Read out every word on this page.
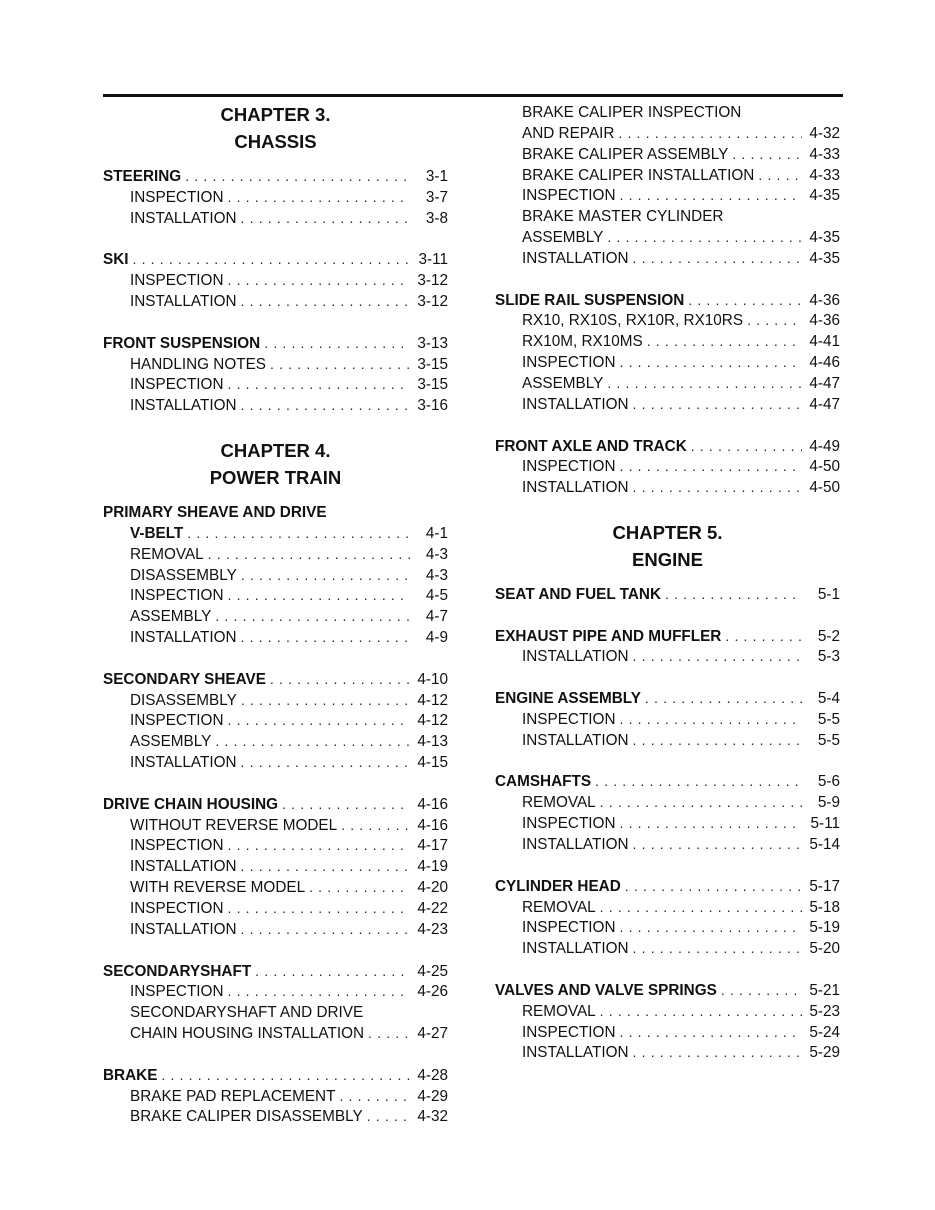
CHAPTER 3.
CHASSIS
STEERING . . .	3-1
INSPECTION . . .	3-7
INSTALLATION . . .	3-8
SKI . . .	3-11
INSPECTION . . .	3-12
INSTALLATION . . .	3-12
FRONT SUSPENSION . . .	3-13
HANDLING NOTES . . .	3-15
INSPECTION . . .	3-15
INSTALLATION . . .	3-16
CHAPTER 4.
POWER TRAIN
PRIMARY SHEAVE AND DRIVE
V-BELT . . .	4-1
REMOVAL . . .	4-3
DISASSEMBLY . . .	4-3
INSPECTION . . .	4-5
ASSEMBLY . . .	4-7
INSTALLATION . . .	4-9
SECONDARY SHEAVE . . .	4-10
DISASSEMBLY . . .	4-12
INSPECTION . . .	4-12
ASSEMBLY . . .	4-13
INSTALLATION . . .	4-15
DRIVE CHAIN HOUSING . . .	4-16
WITHOUT REVERSE MODEL . . .	4-16
INSPECTION . . .	4-17
INSTALLATION . . .	4-19
WITH REVERSE MODEL . . .	4-20
INSPECTION . . .	4-22
INSTALLATION . . .	4-23
SECONDARYSHAFT . . .	4-25
INSPECTION . . .	4-26
SECONDARYSHAFT AND DRIVE
CHAIN HOUSING INSTALLATION . . .	4-27
BRAKE . . .	4-28
BRAKE PAD REPLACEMENT . . .	4-29
BRAKE CALIPER DISASSEMBLY . . .	4-32
BRAKE CALIPER INSPECTION
AND REPAIR . . .	4-32
BRAKE CALIPER ASSEMBLY . . .	4-33
BRAKE CALIPER INSTALLATION . . .	4-33
INSPECTION . . .	4-35
BRAKE MASTER CYLINDER
ASSEMBLY . . .	4-35
INSTALLATION . . .	4-35
SLIDE RAIL SUSPENSION . . .	4-36
RX10, RX10S, RX10R, RX10RS . . .	4-36
RX10M, RX10MS . . .	4-41
INSPECTION . . .	4-46
ASSEMBLY . . .	4-47
INSTALLATION . . .	4-47
FRONT AXLE AND TRACK . . .	4-49
INSPECTION . . .	4-50
INSTALLATION . . .	4-50
CHAPTER 5.
ENGINE
SEAT AND FUEL TANK . . .	5-1
EXHAUST PIPE AND MUFFLER . . .	5-2
INSTALLATION . . .	5-3
ENGINE ASSEMBLY . . .	5-4
INSPECTION . . .	5-5
INSTALLATION . . .	5-5
CAMSHAFTS . . .	5-6
REMOVAL . . .	5-9
INSPECTION . . .	5-11
INSTALLATION . . .	5-14
CYLINDER HEAD . . .	5-17
REMOVAL . . .	5-18
INSPECTION . . .	5-19
INSTALLATION . . .	5-20
VALVES AND VALVE SPRINGS . . .	5-21
REMOVAL . . .	5-23
INSPECTION . . .	5-24
INSTALLATION . . .	5-29
